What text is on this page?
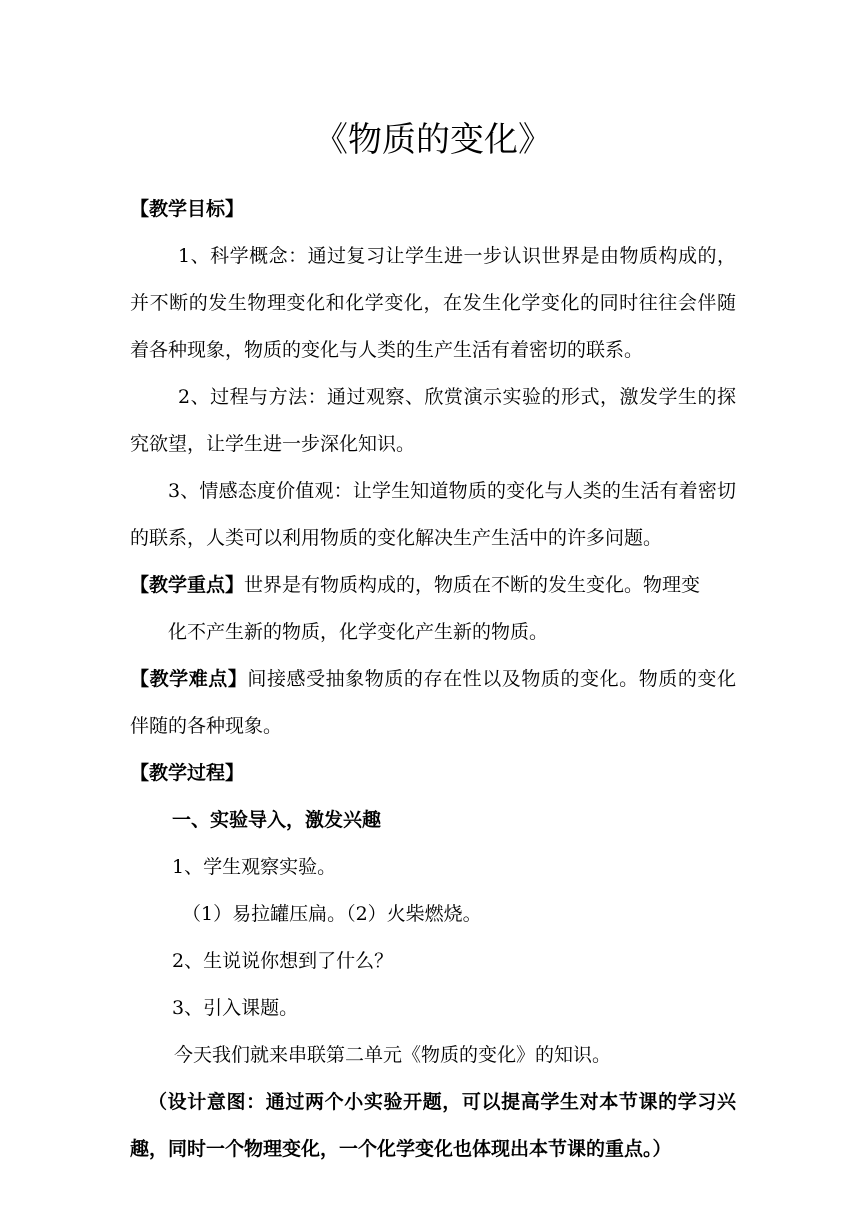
《物质的变化》

【教学目标】

1、科学概念：通过复习让学生进一步认识世界是由物质构成的，并不断的发生物理变化和化学变化，在发生化学变化的同时往往会伴随着各种现象，物质的变化与人类的生产生活有着密切的联系。

2、过程与方法：通过观察、欣赏演示实验的形式，激发学生的探究欲望，让学生进一步深化知识。

3、情感态度价值观：让学生知道物质的变化与人类的生活有着密切的联系，人类可以利用物质的变化解决生产生活中的许多问题。

【教学重点】世界是有物质构成的，物质在不断的发生变化。物理变

化不产生新的物质，化学变化产生新的物质。

【教学难点】间接感受抽象物质的存在性以及物质的变化。物质的变化伴随的各种现象。

【教学过程】

一、实验导入，激发兴趣

1、学生观察实验。

（1）易拉罐压扁。（2）火柴燃烧。

2、生说说你想到了什么？

3、引入课题。

今天我们就来串联第二单元《物质的变化》的知识。

（设计意图：通过两个小实验开题，可以提高学生对本节课的学习兴趣，同时一个物理变化，一个化学变化也体现出本节课的重点。）
